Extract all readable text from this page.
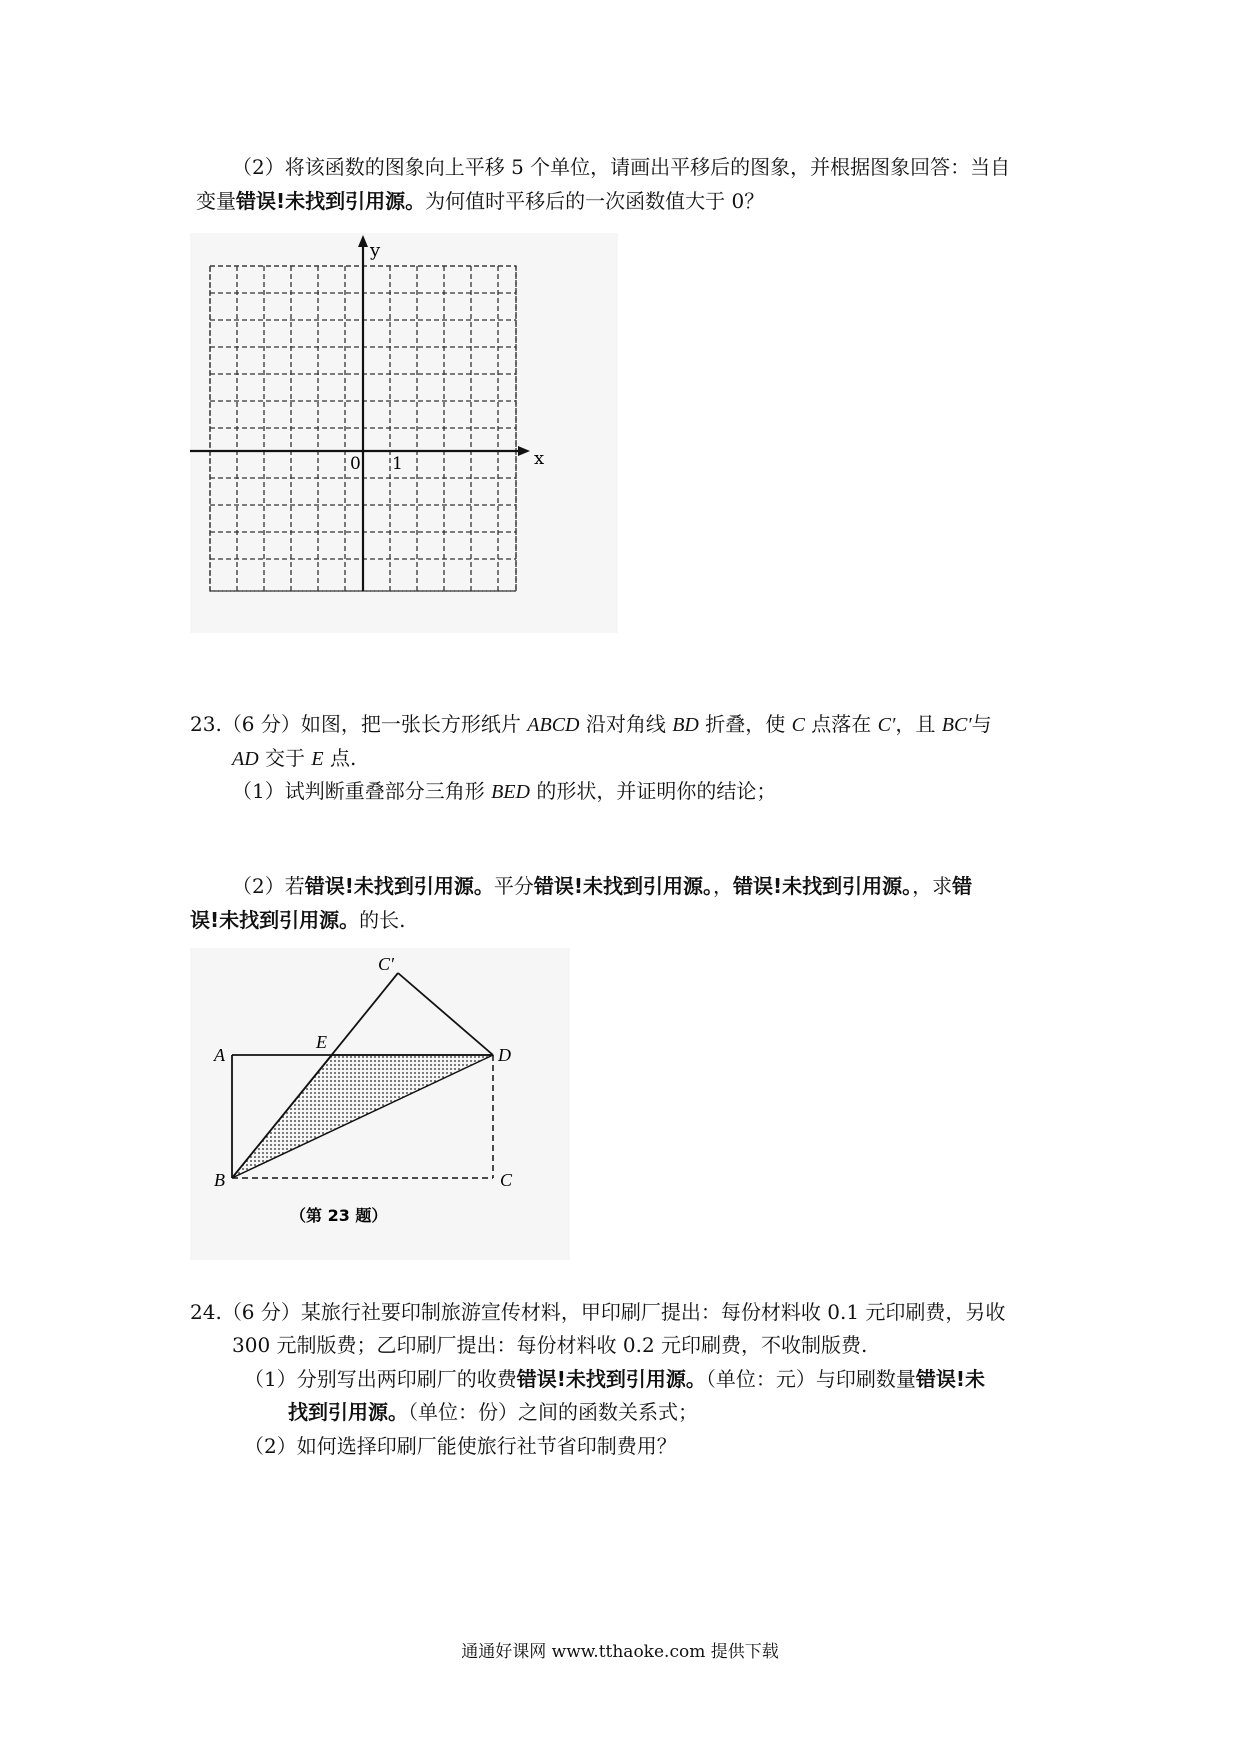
（2）将该函数的图象向上平移 5 个单位，请画出平移后的图象，并根据图象回答：当自
变量错误!未找到引用源。为何值时平移后的一次函数值大于 0？
x
y
0 1
23.（6 分）如图，把一张长方形纸片 ABCD 沿对角线 BD 折叠，使 C 点落在 C′，且 BC′与
AD 交于 E 点.
（1）试判断重叠部分三角形 BED 的形状，并证明你的结论；
（2）若错误!未找到引用源。平分错误!未找到引用源。，错误!未找到引用源。，求错
误!未找到引用源。的长.
A
B	C
D
E
C′
（第 23 题）
24.（6 分）某旅行社要印制旅游宣传材料，甲印刷厂提出：每份材料收 0.1 元印刷费，另收
300 元制版费；乙印刷厂提出：每份材料收 0.2 元印刷费，不收制版费.
（1）分别写出两印刷厂的收费错误!未找到引用源。（单位：元）与印刷数量错误!未
找到引用源。（单位：份）之间的函数关系式；
（2）如何选择印刷厂能使旅行社节省印制费用？
通通好课网 www.tthaoke.com 提供下载
